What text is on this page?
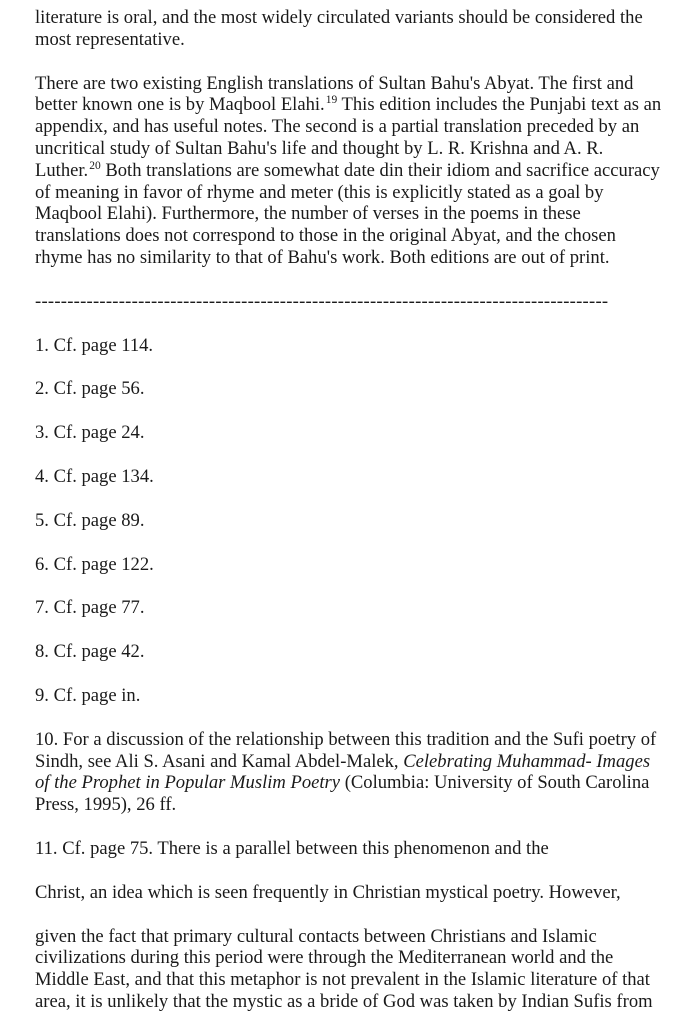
literature is oral, and the most widely circulated variants should be considered the most representative.

There are two existing English translations of Sultan Bahu's Abyat. The first and better known one is by Maqbool Elahi.$^{19}$ This edition includes the Punjabi text as an appendix, and has useful notes. The second is a partial translation preceded by an uncritical study of Sultan Bahu's life and thought by L. R. Krishna and A. R. Luther.$^{20}$ Both translations are somewhat date din their idiom and sacrifice accuracy of meaning in favor of rhyme and meter (this is explicitly stated as a goal by Maqbool Elahi). Furthermore, the number of verses in the poems in these translations does not correspond to those in the original Abyat, and the chosen rhyme has no similarity to that of Bahu's work. Both editions are out of print.

-----------------------------------------------------------------------------------------

1. Cf. page 114.

2. Cf. page 56.

3. Cf. page 24.

4. Cf. page 134.

5. Cf. page 89.

6. Cf. page 122.

7. Cf. page 77.

8. Cf. page 42.

9. Cf. page in.

10. For a discussion of the relationship between this tradition and the Sufi poetry of Sindh, see Ali S. Asani and Kamal Abdel-Malek, Celebrating Muhammad- Images of the Prophet in Popular Muslim Poetry (Columbia: University of South Carolina Press, 1995), 26 ff.

11. Cf. page 75. There is a parallel between this phenomenon and the

Christ, an idea which is seen frequently in Christian mystical poetry. However,

given the fact that primary cultural contacts between Christians and Islamic civilizations during this period were through the Mediterranean world and the Middle East, and that this metaphor is not prevalent in the Islamic literature of that area, it is unlikely that the mystic as a bride of God was taken by Indian Sufis from
